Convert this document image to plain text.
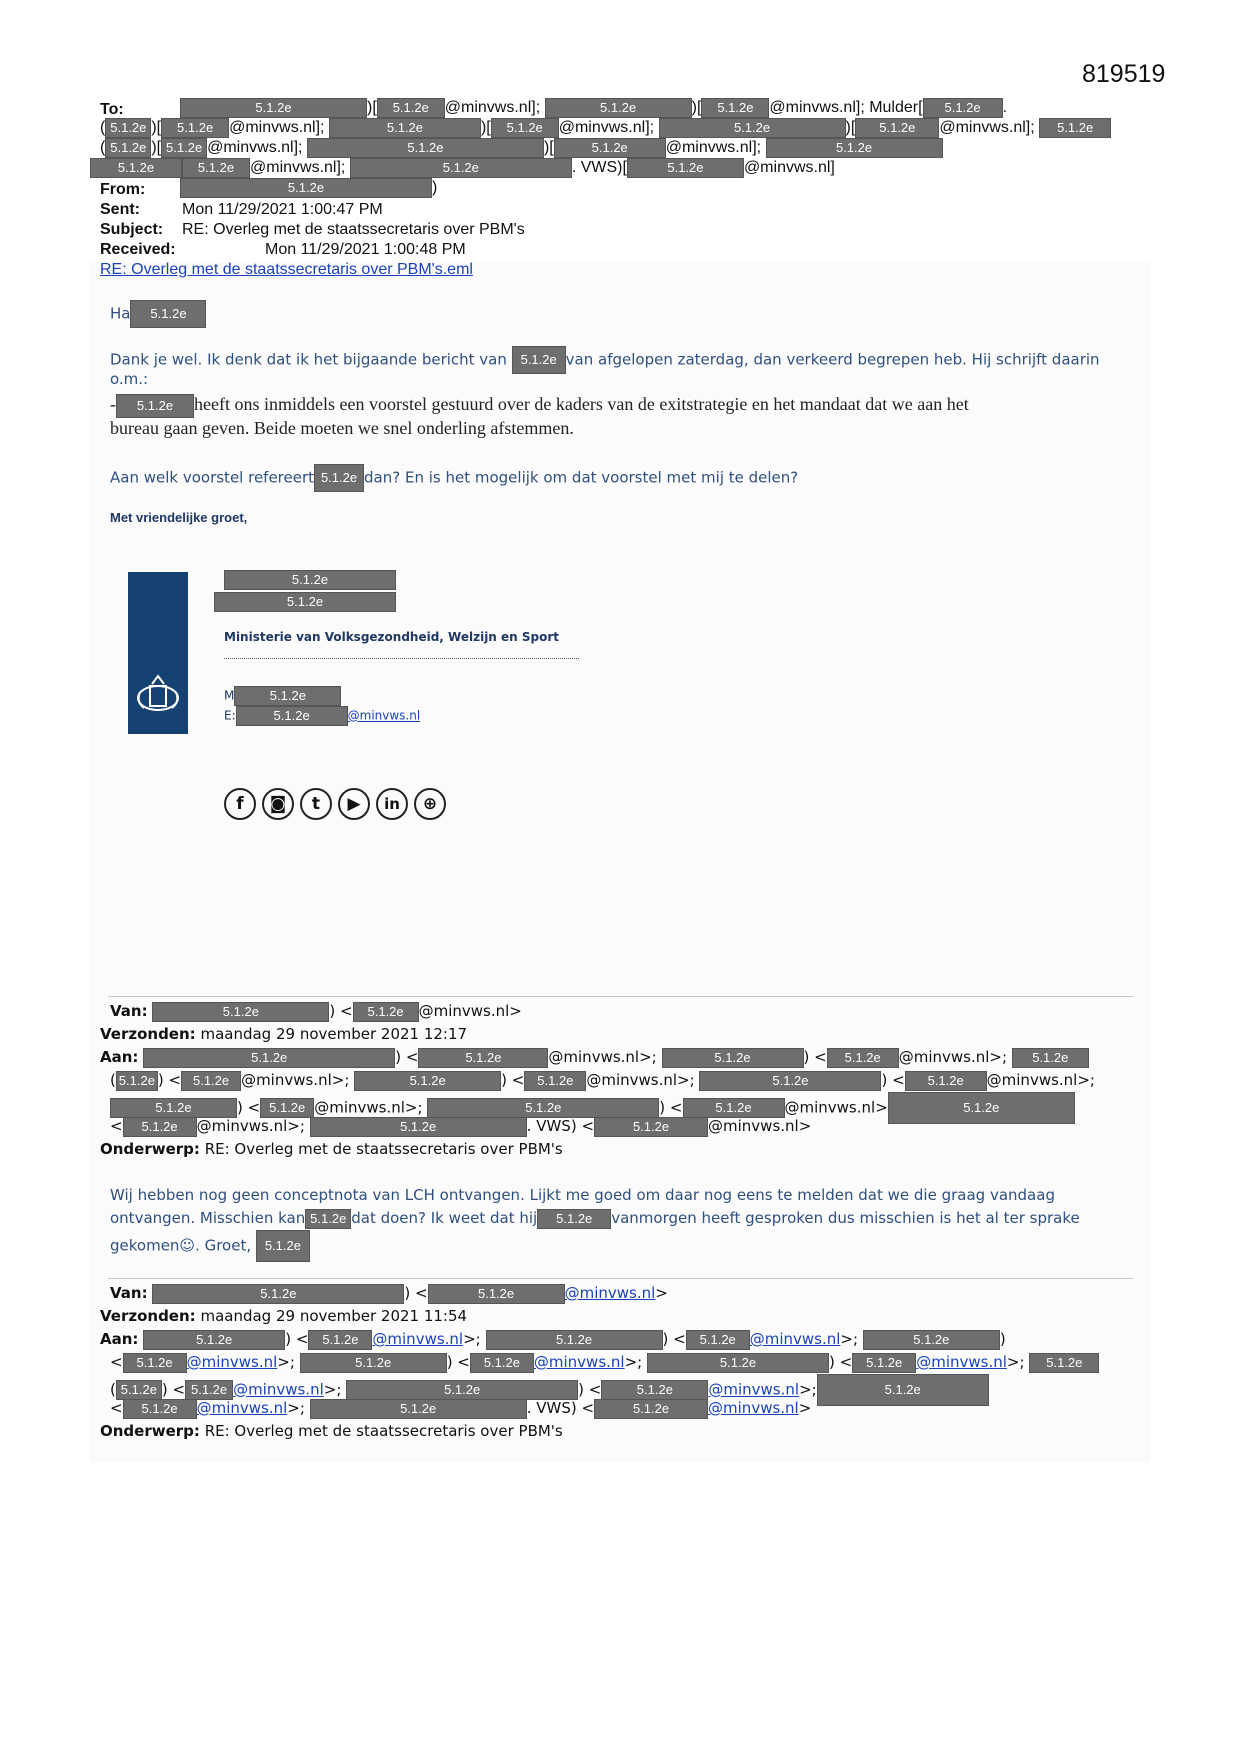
819519
To:	5.1.2e	)[ 5.1.2e @minvws.nl];	5.1.2e	)[ 5.1.2e @minvws.nl]; Mulder[ 5.1.2e .
( 5.1.2e )[ 5.1.2e @minvws.nl];	5.1.2e	)[ 5.1.2e @minvws.nl];	5.1.2e	)[ 5.1.2e @minvws.nl]; 5.1.2e
( 5.1.2e )[ 5.1.2e @minvws.nl];	5.1.2e	)[	5.1.2e @minvws.nl];	5.1.2e
5.1.2e	5.1.2e @minvws.nl];	5.1.2e	. VWS)[	5.1.2e	@minvws.nl]
From:	5.1.2e	)
Sent:	Mon 11/29/2021 1:00:47 PM
Subject: RE: Overleg met de staatssecretaris over PBM's
Received:	Mon 11/29/2021 1:00:48 PM
RE: Overleg met de staatssecretaris over PBM's.eml
Ha 5.1.2e
Dank je wel. Ik denk dat ik het bijgaande bericht van 5.1.2e van afgelopen zaterdag, dan verkeerd begrepen heb. Hij schrijft daarin
o.m.:
- 5.1.2e heeft ons inmiddels een voorstel gestuurd over de kaders van de exitstrategie en het mandaat dat we aan het
bureau gaan geven. Beide moeten we snel onderling afstemmen.
Aan welk voorstel refereert 5.1.2e dan? En is het mogelijk om dat voorstel met mij te delen?
Met vriendelijke groet,
5.1.2e
5.1.2e
Ministerie van Volksgezondheid, Welzijn en Sport
M	5.1.2e
E:	5.1.2e	@minvws.nl
f	◙	t	▶	in	⊕
Van:	5.1.2e	) < 5.1.2e @minvws.nl>
Verzonden: maandag 29 november 2021 12:17
Aan:	5.1.2e	) <	5.1.2e	@minvws.nl>;	5.1.2e	) < 5.1.2e @minvws.nl>; 5.1.2e
( 5.1.2e ) < 5.1.2e @minvws.nl>;	5.1.2e	) < 5.1.2e @minvws.nl>;	5.1.2e	) < 5.1.2e @minvws.nl>;
5.1.2e	) < 5.1.2e @minvws.nl>;	5.1.2e	) <	5.1.2e @minvws.nl>	5.1.2e
< 5.1.2e @minvws.nl>;	5.1.2e	. VWS) <	5.1.2e	@minvws.nl>
Onderwerp: RE: Overleg met de staatssecretaris over PBM's
Wij hebben nog geen conceptnota van LCH ontvangen. Lijkt me goed om daar nog eens te melden dat we die graag vandaag
ontvangen. Misschien kan 5.1.2e dat doen? Ik weet dat hij 5.1.2e vanmorgen heeft gesproken dus misschien is het al ter sprake
gekomen☺. Groet, 5.1.2e
Van:	5.1.2e	) <	5.1.2e	@minvws.nl>
Verzonden: maandag 29 november 2021 11:54
Aan:	5.1.2e	) < 5.1.2e @minvws.nl>;	5.1.2e	) < 5.1.2e @minvws.nl>;	5.1.2e	)
< 5.1.2e @minvws.nl>;	5.1.2e	) < 5.1.2e @minvws.nl>;	5.1.2e	) < 5.1.2e @minvws.nl>; 5.1.2e
( 5.1.2e ) < 5.1.2e @minvws.nl>;	5.1.2e	) <	5.1.2e @minvws.nl>;	5.1.2e
< 5.1.2e @minvws.nl>;	5.1.2e	. VWS) <	5.1.2e	@minvws.nl>
Onderwerp: RE: Overleg met de staatssecretaris over PBM's
